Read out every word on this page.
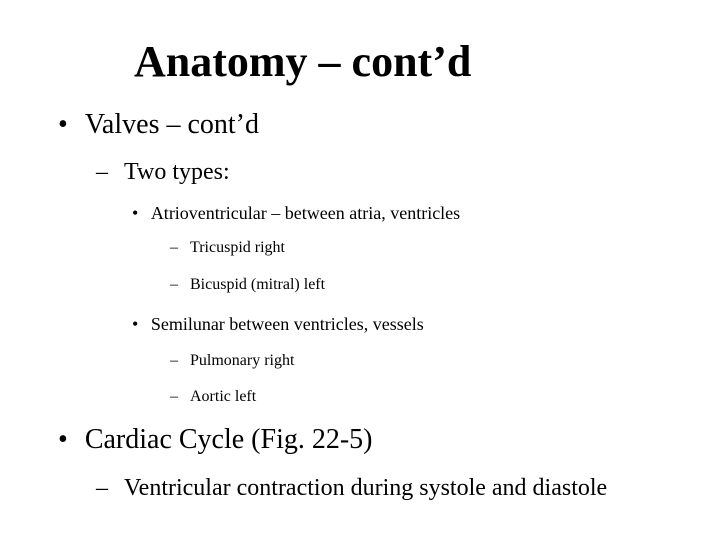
Anatomy – cont’d
• Valves – cont’d
– Two types:
• Atrioventricular – between atria, ventricles
– Tricuspid right
– Bicuspid (mitral) left
• Semilunar between ventricles, vessels
– Pulmonary right
– Aortic left
• Cardiac Cycle (Fig. 22-5)
– Ventricular contraction during systole and diastole
